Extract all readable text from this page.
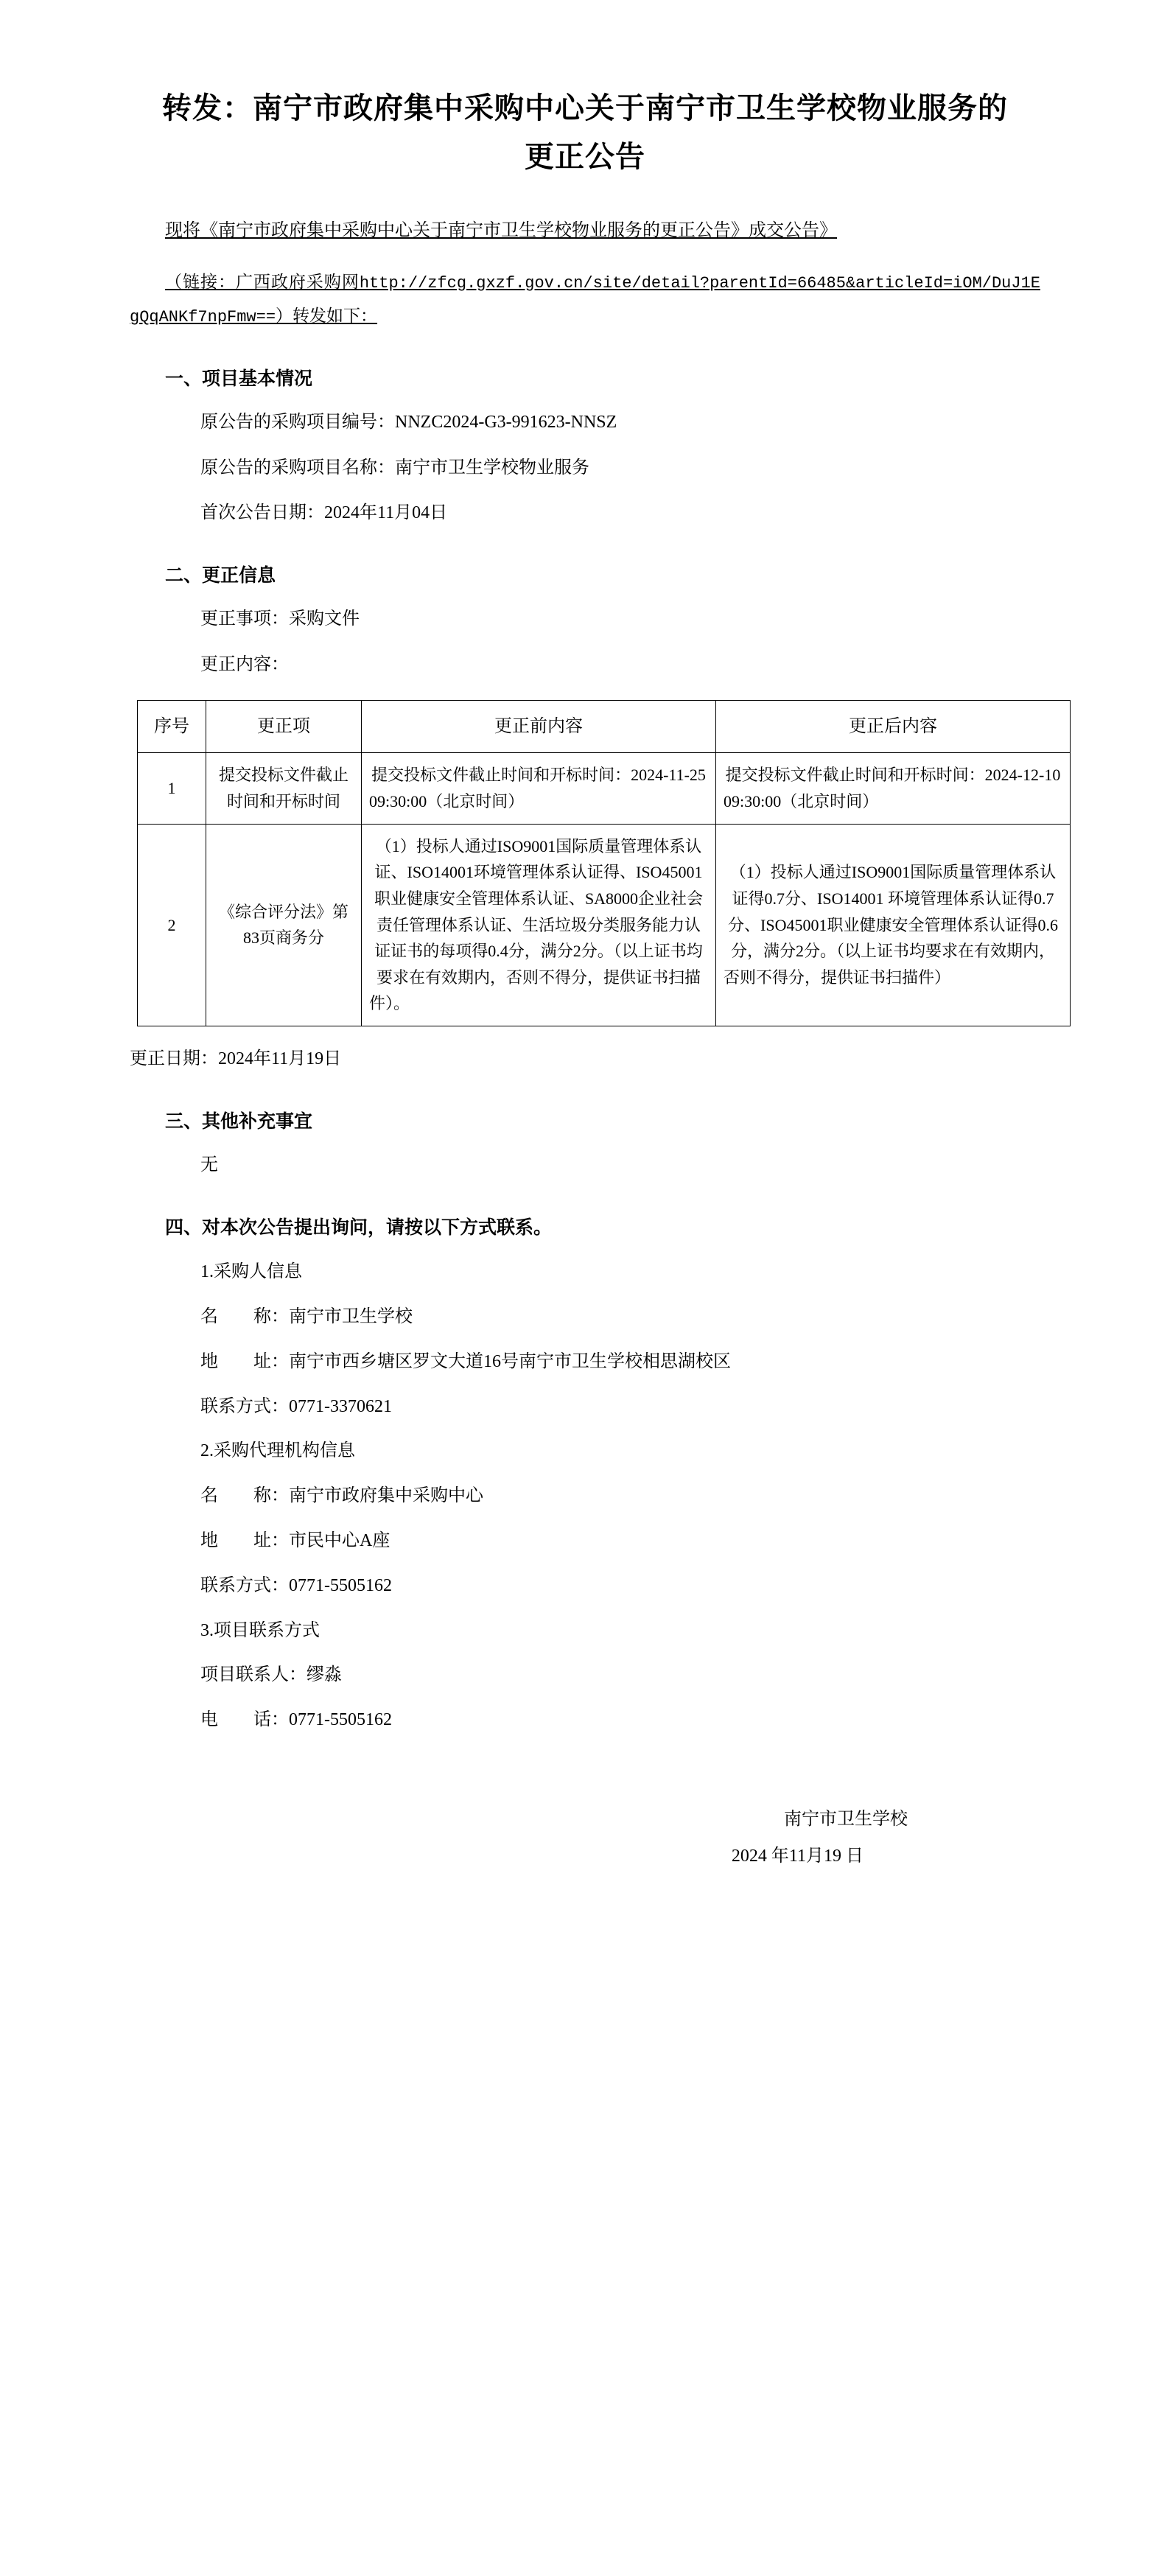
转发：南宁市政府集中采购中心关于南宁市卫生学校物业服务的更正公告

现将《南宁市政府集中采购中心关于南宁市卫生学校物业服务的更正公告》成交公告》

（链接：广西政府采购网http://zfcg.gxzf.gov.cn/site/detail?parentId=66485&articleId=iOM/DuJ1EgQqANKf7npFmw==）转发如下：

一、项目基本情况

原公告的采购项目编号：NNZC2024-G3-991623-NNSZ

原公告的采购项目名称：南宁市卫生学校物业服务

首次公告日期：2024年11月04日

二、更正信息

更正事项：采购文件

更正内容：

序号	更正项	更正前内容	更正后内容
1	提交投标文件截止时间和开标时间	提交投标文件截止时间和开标时间：2024-11-25 09:30:00（北京时间）	提交投标文件截止时间和开标时间：2024-12-10 09:30:00（北京时间）
2	《综合评分法》第83页商务分	（1）投标人通过ISO9001国际质量管理体系认证、ISO14001环境管理体系认证得、ISO45001职业健康安全管理体系认证、SA8000企业社会责任管理体系认证、生活垃圾分类服务能力认证证书的每项得0.4分，满分2分。（以上证书均要求在有效期内，否则不得分，提供证书扫描件）。	（1）投标人通过ISO9001国际质量管理体系认证得0.7分、ISO14001 环境管理体系认证得0.7分、ISO45001职业健康安全管理体系认证得0.6分，满分2分。（以上证书均要求在有效期内，否则不得分，提供证书扫描件）

更正日期：2024年11月19日

三、其他补充事宜

无

四、对本次公告提出询问，请按以下方式联系。

1.采购人信息

名　　称：南宁市卫生学校

地　　址：南宁市西乡塘区罗文大道16号南宁市卫生学校相思湖校区

联系方式：0771-3370621

2.采购代理机构信息

名　　称：南宁市政府集中采购中心

地　　址：市民中心A座

联系方式：0771-5505162

3.项目联系方式

项目联系人：缪淼

电　　话：0771-5505162

南宁市卫生学校
2024 年11月19 日
